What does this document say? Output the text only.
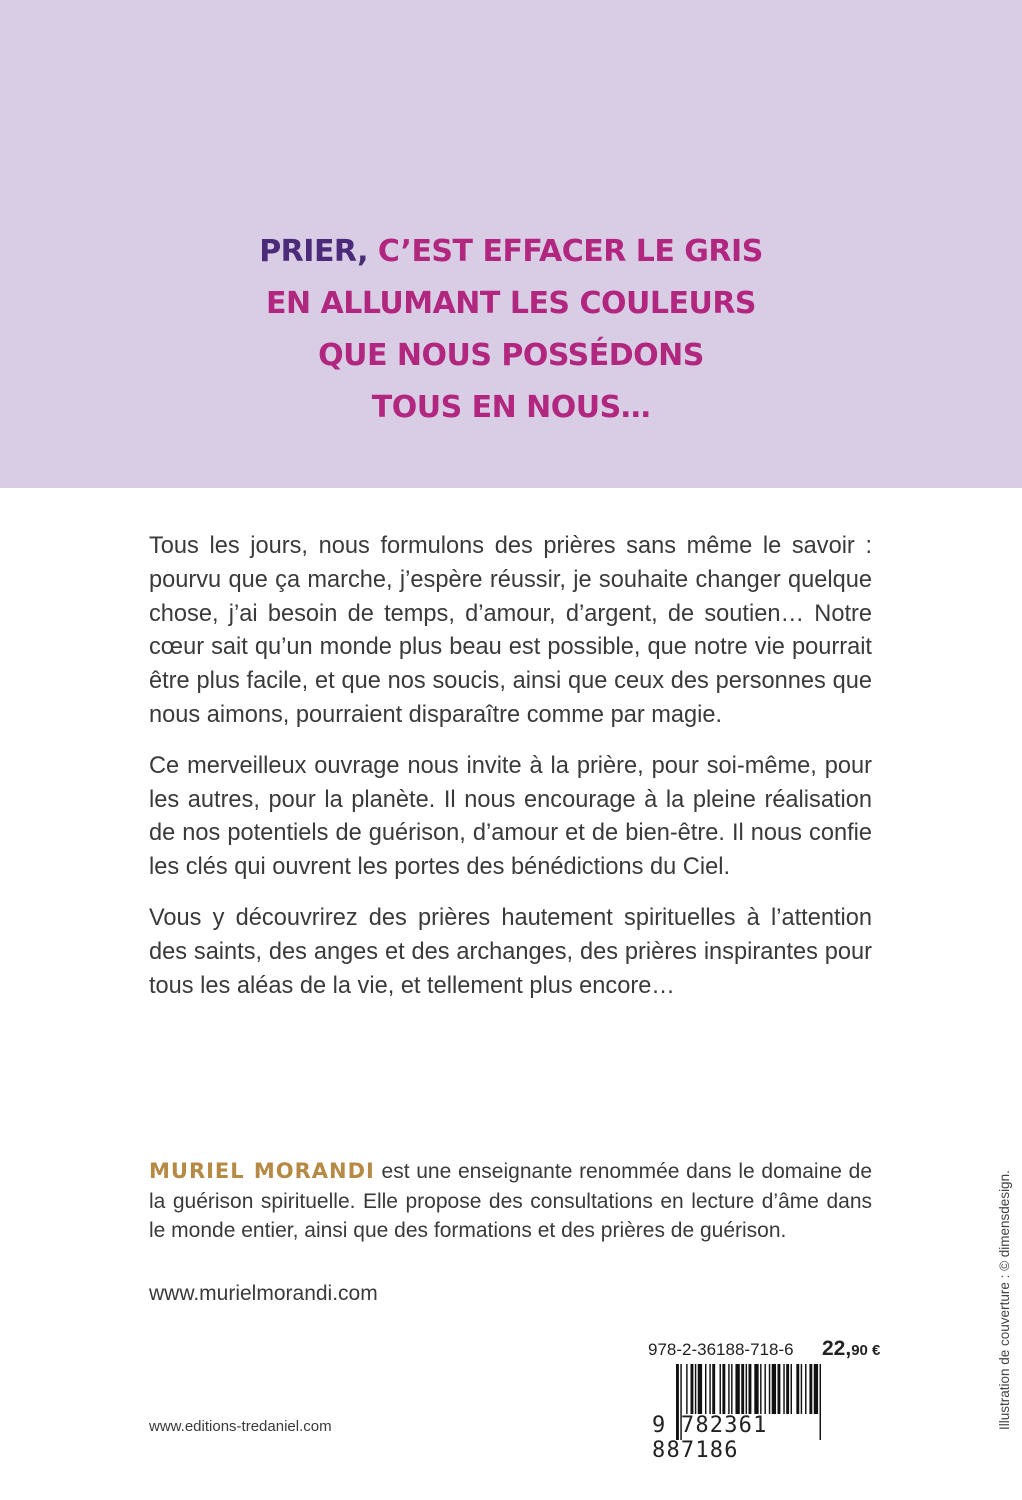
PRIER, C’EST EFFACER LE GRIS
EN ALLUMANT LES COULEURS
QUE NOUS POSSÉDONS
TOUS EN NOUS…

Tous les jours, nous formulons des prières sans même le savoir : pourvu que ça marche, j’espère réussir, je souhaite changer quelque chose, j’ai besoin de temps, d’amour, d’argent, de soutien… Notre cœur sait qu’un monde plus beau est possible, que notre vie pourrait être plus facile, et que nos soucis, ainsi que ceux des personnes que nous aimons, pourraient disparaître comme par magie.

Ce merveilleux ouvrage nous invite à la prière, pour soi-même, pour les autres, pour la planète. Il nous encourage à la pleine réalisation de nos potentiels de guérison, d’amour et de bien-être. Il nous confie les clés qui ouvrent les portes des bénédictions du Ciel.

Vous y découvrirez des prières hautement spirituelles à l’attention des saints, des anges et des archanges, des prières inspirantes pour tous les aléas de la vie, et tellement plus encore…

MURIEL MORANDI est une enseignante renommée dans le domaine de la guérison spirituelle. Elle propose des consultations en lecture d’âme dans le monde entier, ainsi que des formations et des prières de guérison.

www.murielmorandi.com
www.editions-tredaniel.com
978-2-36188-718-6 22,90 €
9 782361 887186
Illustration de couverture : © dimensdesign.
